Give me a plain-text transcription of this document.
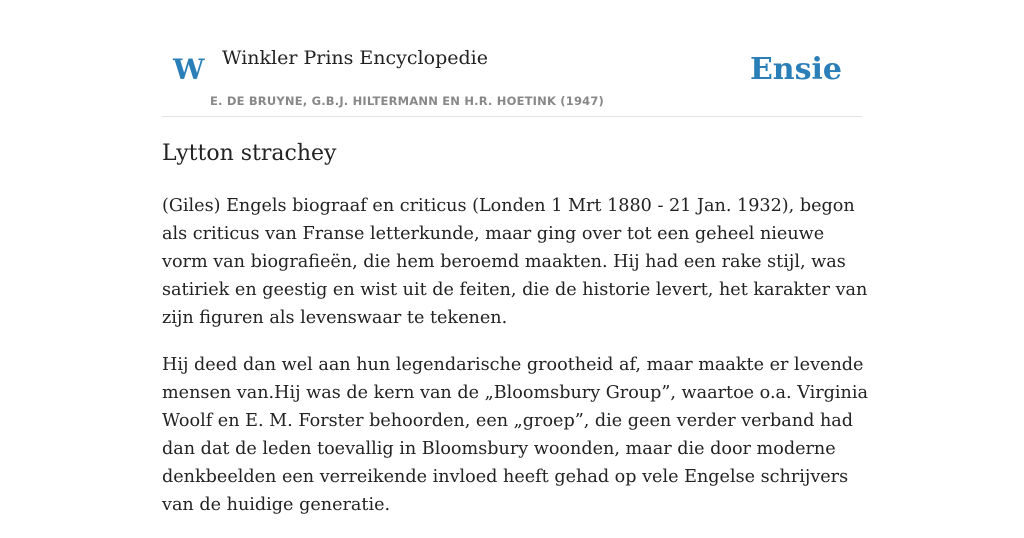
W Winkler Prins Encyclopedie
E. DE BRUYNE, G.B.J. HILTERMANN EN H.R. HOETINK (1947)
Ensie
Lytton strachey

(Giles) Engels biograaf en criticus (Londen 1 Mrt 1880 - 21 Jan. 1932), begon als criticus van Franse letterkunde, maar ging over tot een geheel nieuwe vorm van biografieën, die hem beroemd maakten. Hij had een rake stijl, was satiriek en geestig en wist uit de feiten, die de historie levert, het karakter van zijn figuren als levenswaar te tekenen.

Hij deed dan wel aan hun legendarische grootheid af, maar maakte er levende mensen van.Hij was de kern van de „Bloomsbury Group”, waartoe o.a. Virginia Woolf en E. M. Forster behoorden, een „groep”, die geen verder verband had dan dat de leden toevallig in Bloomsbury woonden, maar die door moderne denkbeelden een verreikende invloed heeft gehad op vele Engelse schrijvers van de huidige generatie.
